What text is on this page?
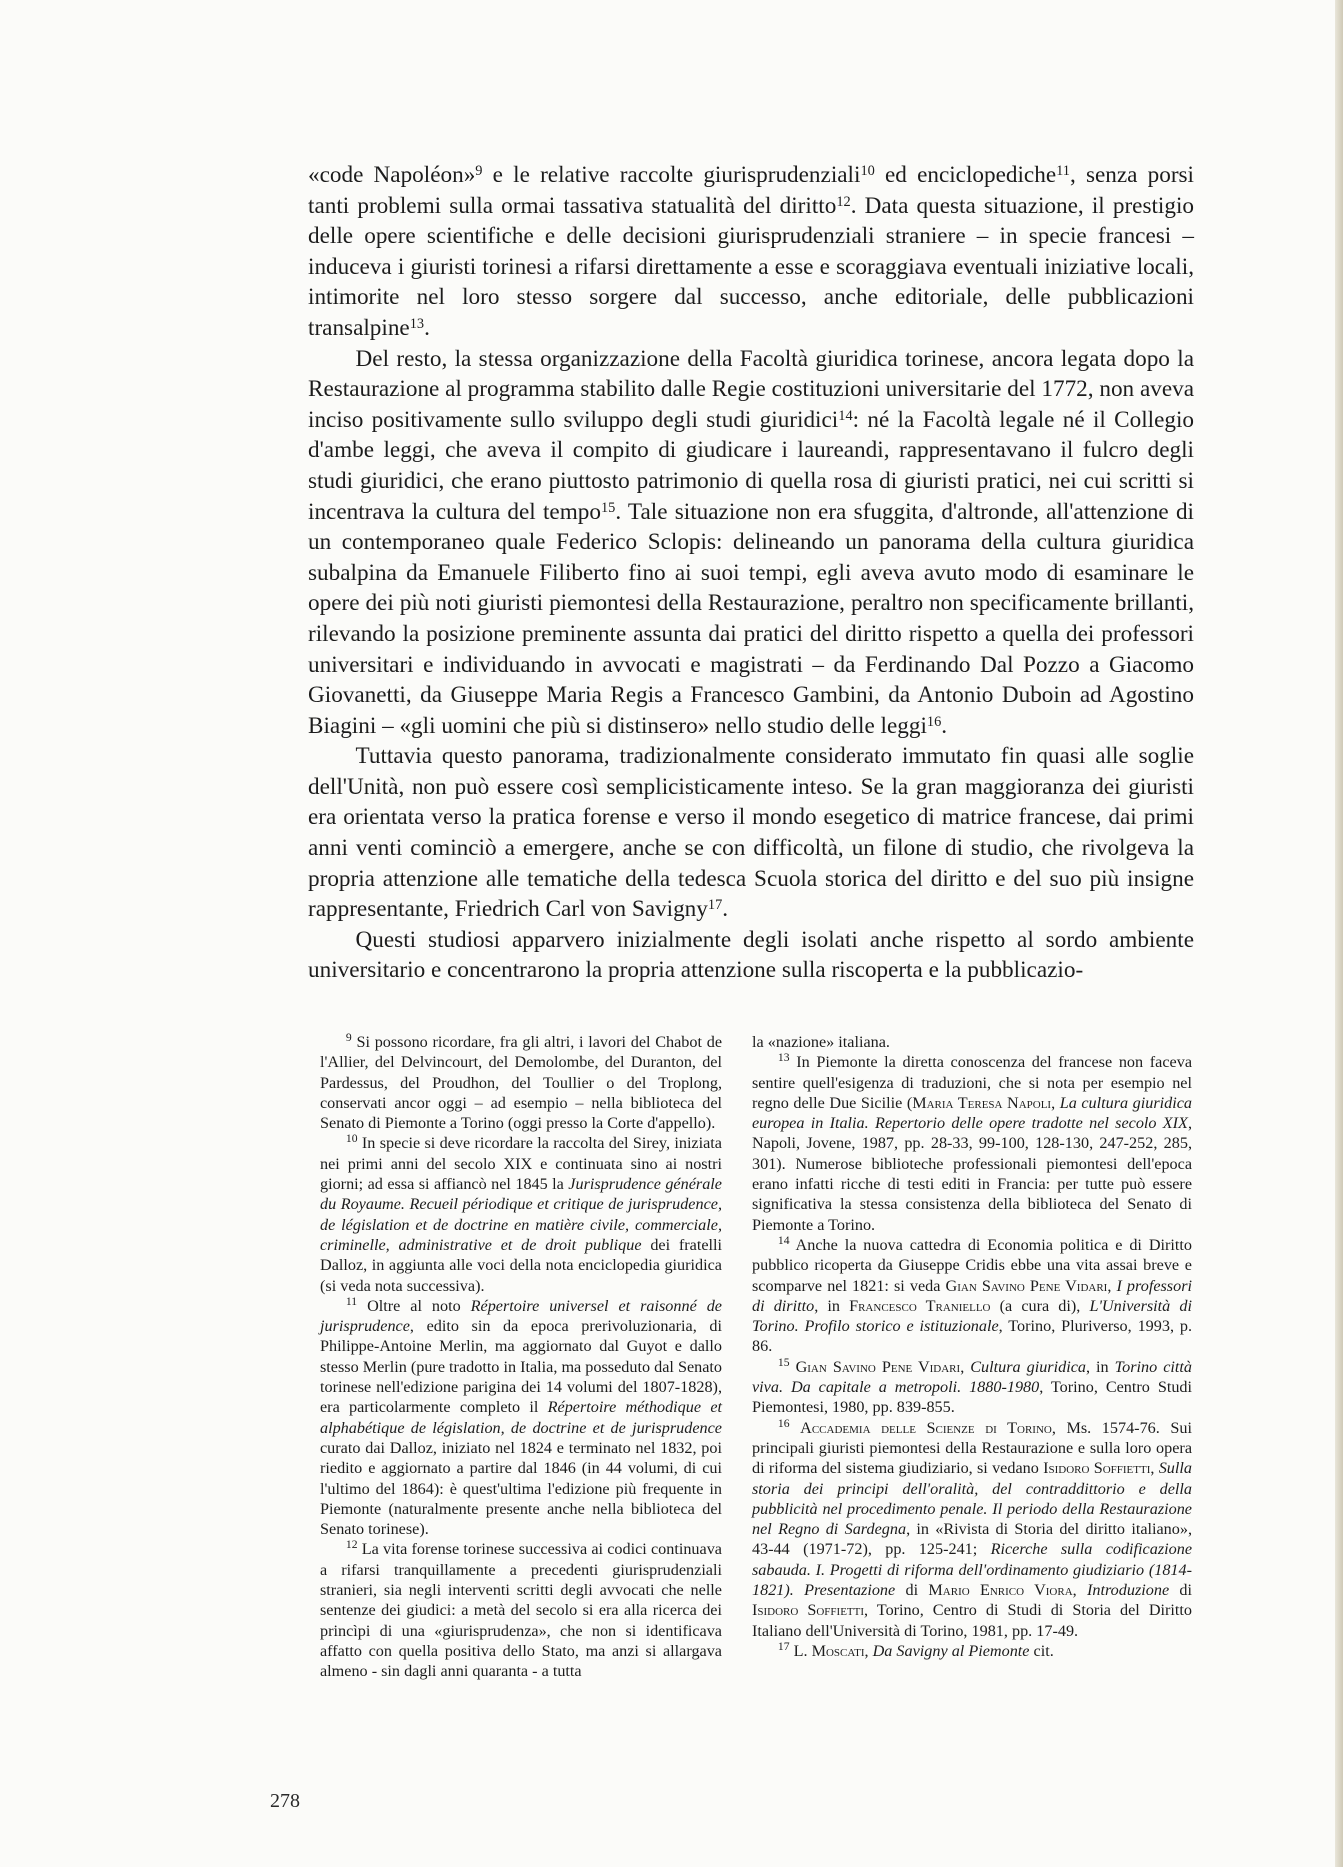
«code Napoléon»$^9$ e le relative raccolte giurisprudenziali$^{10}$ ed enciclopediche$^{11}$, senza porsi tanti problemi sulla ormai tassativa statualità del diritto$^{12}$. Data questa situazione, il prestigio delle opere scientifiche e delle decisioni giurisprudenziali straniere – in specie francesi – induceva i giuristi torinesi a rifarsi direttamente a esse e scoraggiava eventuali iniziative locali, intimorite nel loro stesso sorgere dal successo, anche editoriale, delle pubblicazioni transalpine$^{13}$.

Del resto, la stessa organizzazione della Facoltà giuridica torinese, ancora legata dopo la Restaurazione al programma stabilito dalle Regie costituzioni universitarie del 1772, non aveva inciso positivamente sullo sviluppo degli studi giuridici$^{14}$: né la Facoltà legale né il Collegio d'ambe leggi, che aveva il compito di giudicare i laureandi, rappresentavano il fulcro degli studi giuridici, che erano piuttosto patrimonio di quella rosa di giuristi pratici, nei cui scritti si incentrava la cultura del tempo$^{15}$. Tale situazione non era sfuggita, d'altronde, all'attenzione di un contemporaneo quale Federico Sclopis: delineando un panorama della cultura giuridica subalpina da Emanuele Filiberto fino ai suoi tempi, egli aveva avuto modo di esaminare le opere dei più noti giuristi piemontesi della Restaurazione, peraltro non specificamente brillanti, rilevando la posizione preminente assunta dai pratici del diritto rispetto a quella dei professori universitari e individuando in avvocati e magistrati – da Ferdinando Dal Pozzo a Giacomo Giovanetti, da Giuseppe Maria Regis a Francesco Gambini, da Antonio Duboin ad Agostino Biagini – «gli uomini che più si distinsero» nello studio delle leggi$^{16}$.

Tuttavia questo panorama, tradizionalmente considerato immutato fin quasi alle soglie dell'Unità, non può essere così semplicisticamente inteso. Se la gran maggioranza dei giuristi era orientata verso la pratica forense e verso il mondo esegetico di matrice francese, dai primi anni venti cominciò a emergere, anche se con difficoltà, un filone di studio, che rivolgeva la propria attenzione alle tematiche della tedesca Scuola storica del diritto e del suo più insigne rappresentante, Friedrich Carl von Savigny$^{17}$.

Questi studiosi apparvero inizialmente degli isolati anche rispetto al sordo ambiente universitario e concentrarono la propria attenzione sulla riscoperta e la pubblicazio-

$^9$ Si possono ricordare, fra gli altri, i lavori del Chabot de l'Allier, del Delvincourt, del Demolombe, del Duranton, del Pardessus, del Proudhon, del Toullier o del Troplong, conservati ancor oggi – ad esempio – nella biblioteca del Senato di Piemonte a Torino (oggi presso la Corte d'appello).

$^{10}$ In specie si deve ricordare la raccolta del Sirey, iniziata nei primi anni del secolo XIX e continuata sino ai nostri giorni; ad essa si affiancò nel 1845 la Jurisprudence générale du Royaume. Recueil périodique et critique de jurisprudence, de législation et de doctrine en matière civile, commerciale, criminelle, administrative et de droit publique dei fratelli Dalloz, in aggiunta alle voci della nota enciclopedia giuridica (si veda nota successiva).

$^{11}$ Oltre al noto Répertoire universel et raisonné de jurisprudence, edito sin da epoca prerivoluzionaria, di Philippe-Antoine Merlin, ma aggiornato dal Guyot e dallo stesso Merlin (pure tradotto in Italia, ma posseduto dal Senato torinese nell'edizione parigina dei 14 volumi del 1807-1828), era particolarmente completo il Répertoire méthodique et alphabétique de législation, de doctrine et de jurisprudence curato dai Dalloz, iniziato nel 1824 e terminato nel 1832, poi riedito e aggiornato a partire dal 1846 (in 44 volumi, di cui l'ultimo del 1864): è quest'ultima l'edizione più frequente in Piemonte (naturalmente presente anche nella biblioteca del Senato torinese).

$^{12}$ La vita forense torinese successiva ai codici continuava a rifarsi tranquillamente a precedenti giurisprudenziali stranieri, sia negli interventi scritti degli avvocati che nelle sentenze dei giudici: a metà del secolo si era alla ricerca dei princìpi di una «giurisprudenza», che non si identificava affatto con quella positiva dello Stato, ma anzi si allargava almeno - sin dagli anni quaranta - a tutta

la «nazione» italiana.

$^{13}$ In Piemonte la diretta conoscenza del francese non faceva sentire quell'esigenza di traduzioni, che si nota per esempio nel regno delle Due Sicilie (Maria Teresa Napoli, La cultura giuridica europea in Italia. Repertorio delle opere tradotte nel secolo XIX, Napoli, Jovene, 1987, pp. 28-33, 99-100, 128-130, 247-252, 285, 301). Numerose biblioteche professionali piemontesi dell'epoca erano infatti ricche di testi editi in Francia: per tutte può essere significativa la stessa consistenza della biblioteca del Senato di Piemonte a Torino.

$^{14}$ Anche la nuova cattedra di Economia politica e di Diritto pubblico ricoperta da Giuseppe Cridis ebbe una vita assai breve e scomparve nel 1821: si veda Gian Savino Pene Vidari, I professori di diritto, in Francesco Traniello (a cura di), L'Università di Torino. Profilo storico e istituzionale, Torino, Pluriverso, 1993, p. 86.

$^{15}$ Gian Savino Pene Vidari, Cultura giuridica, in Torino città viva. Da capitale a metropoli. 1880-1980, Torino, Centro Studi Piemontesi, 1980, pp. 839-855.

$^{16}$ Accademia delle Scienze di Torino, Ms. 1574-76. Sui principali giuristi piemontesi della Restaurazione e sulla loro opera di riforma del sistema giudiziario, si vedano Isidoro Soffietti, Sulla storia dei principi dell'oralità, del contraddittorio e della pubblicità nel procedimento penale. Il periodo della Restaurazione nel Regno di Sardegna, in «Rivista di Storia del diritto italiano», 43-44 (1971-72), pp. 125-241; Ricerche sulla codificazione sabauda. I. Progetti di riforma dell'ordinamento giudiziario (1814-1821). Presentazione di Mario Enrico Viora, Introduzione di Isidoro Soffietti, Torino, Centro di Studi di Storia del Diritto Italiano dell'Università di Torino, 1981, pp. 17-49.

$^{17}$ L. Moscati, Da Savigny al Piemonte cit.

278
